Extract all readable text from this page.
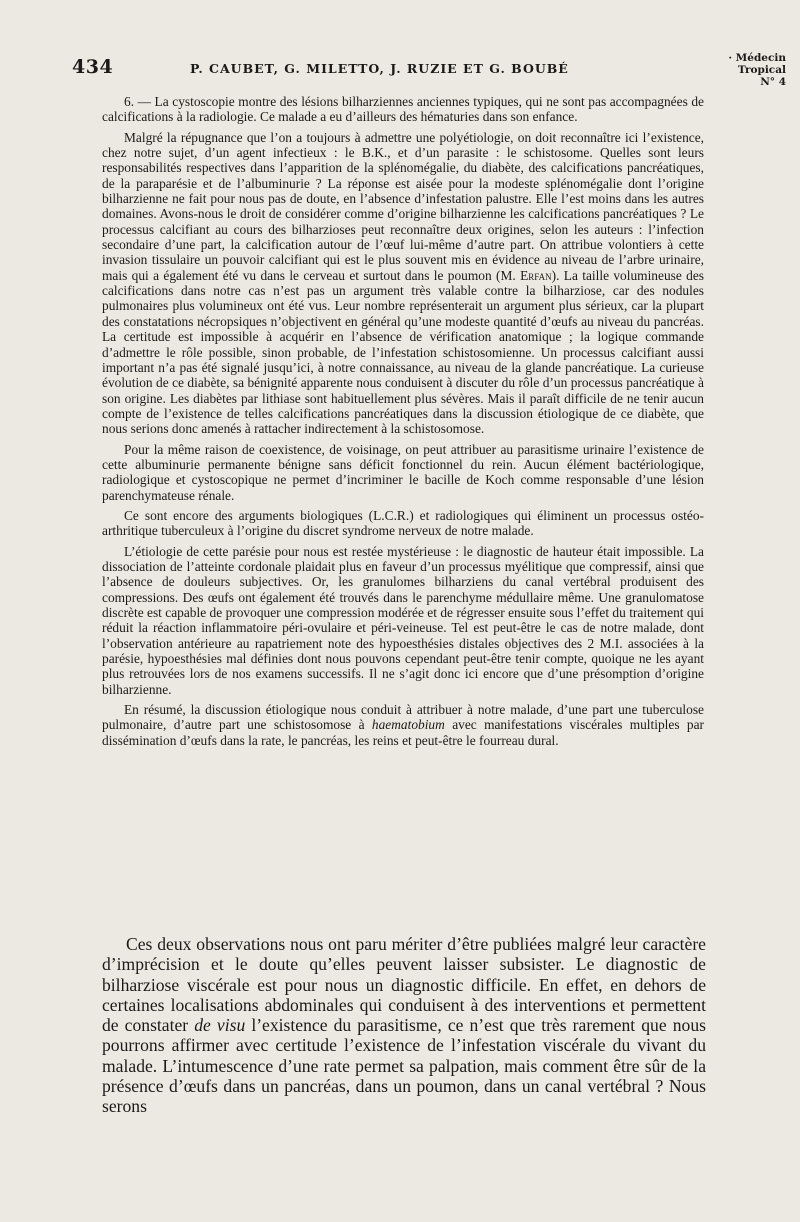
434	P. CAUBET, G. MILETTO, J. RUZIE ET G. BOUBÉ
· Médecin
Tropical
N° 4

6. — La cystoscopie montre des lésions bilharziennes anciennes typiques, qui ne sont pas accompagnées de calcifications à la radiologie. Ce malade a eu d’ailleurs des hématuries dans son enfance.

Malgré la répugnance que l’on a toujours à admettre une polyétiologie, on doit reconnaître ici l’existence, chez notre sujet, d’un agent infectieux : le B.K., et d’un parasite : le schistosome. Quelles sont leurs responsabilités respectives dans l’apparition de la splénomégalie, du diabète, des calcifications pancréatiques, de la paraparésie et de l’albuminurie ? La réponse est aisée pour la modeste splénomégalie dont l’origine bilharzienne ne fait pour nous pas de doute, en l’absence d’infestation palustre. Elle l’est moins dans les autres domaines. Avons-nous le droit de considérer comme d’origine bilharzienne les calcifications pancréatiques ? Le processus calcifiant au cours des bilharzioses peut reconnaître deux origines, selon les auteurs : l’infection secondaire d’une part, la calcification autour de l’œuf lui-même d’autre part. On attribue volontiers à cette invasion tissulaire un pouvoir calcifiant qui est le plus souvent mis en évidence au niveau de l’arbre urinaire, mais qui a également été vu dans le cerveau et surtout dans le poumon (M. Erfan). La taille volumineuse des calcifications dans notre cas n’est pas un argument très valable contre la bilharziose, car des nodules pulmonaires plus volumineux ont été vus. Leur nombre représenterait un argument plus sérieux, car la plupart des constatations nécropsiques n’objectivent en général qu’une modeste quantité d’œufs au niveau du pancréas. La certitude est impossible à acquérir en l’absence de vérification anatomique ; la logique commande d’admettre le rôle possible, sinon probable, de l’infestation schistosomienne. Un processus calcifiant aussi important n’a pas été signalé jusqu’ici, à notre connaissance, au niveau de la glande pancréatique. La curieuse évolution de ce diabète, sa bénignité apparente nous conduisent à discuter du rôle d’un processus pancréatique à son origine. Les diabètes par lithiase sont habituellement plus sévères. Mais il paraît difficile de ne tenir aucun compte de l’existence de telles calcifications pancréatiques dans la discussion étiologique de ce diabète, que nous serions donc amenés à rattacher indirectement à la schistosomose.

Pour la même raison de coexistence, de voisinage, on peut attribuer au parasitisme urinaire l’existence de cette albuminurie permanente bénigne sans déficit fonctionnel du rein. Aucun élément bactériologique, radiologique et cystoscopique ne permet d’incriminer le bacille de Koch comme responsable d’une lésion parenchymateuse rénale.

Ce sont encore des arguments biologiques (L.C.R.) et radiologiques qui éliminent un processus ostéo-arthritique tuberculeux à l’origine du discret syndrome nerveux de notre malade.

L’étiologie de cette parésie pour nous est restée mystérieuse : le diagnostic de hauteur était impossible. La dissociation de l’atteinte cordonale plaidait plus en faveur d’un processus myélitique que compressif, ainsi que l’absence de douleurs subjectives. Or, les granulomes bilharziens du canal vertébral produisent des compressions. Des œufs ont également été trouvés dans le parenchyme médullaire même. Une granulomatose discrète est capable de provoquer une compression modérée et de régresser ensuite sous l’effet du traitement qui réduit la réaction inflammatoire péri-ovulaire et péri-veineuse. Tel est peut-être le cas de notre malade, dont l’observation antérieure au rapatriement note des hypoesthésies distales objectives des 2 M.I. associées à la parésie, hypoesthésies mal définies dont nous pouvons cependant peut-être tenir compte, quoique ne les ayant plus retrouvées lors de nos examens successifs. Il ne s’agit donc ici encore que d’une présomption d’origine bilharzienne.

En résumé, la discussion étiologique nous conduit à attribuer à notre malade, d’une part une tuberculose pulmonaire, d’autre part une schistosomose à haematobium avec manifestations viscérales multiples par dissémination d’œufs dans la rate, le pancréas, les reins et peut-être le fourreau dural.

Ces deux observations nous ont paru mériter d’être publiées malgré leur caractère d’imprécision et le doute qu’elles peuvent laisser subsister. Le diagnostic de bilharziose viscérale est pour nous un diagnostic difficile. En effet, en dehors de certaines localisations abdominales qui conduisent à des interventions et permettent de constater de visu l’existence du parasitisme, ce n’est que très rarement que nous pourrons affirmer avec certitude l’existence de l’infestation viscérale du vivant du malade. L’intumescence d’une rate permet sa palpation, mais comment être sûr de la présence d’œufs dans un pancréas, dans un poumon, dans un canal vertébral ? Nous serons
